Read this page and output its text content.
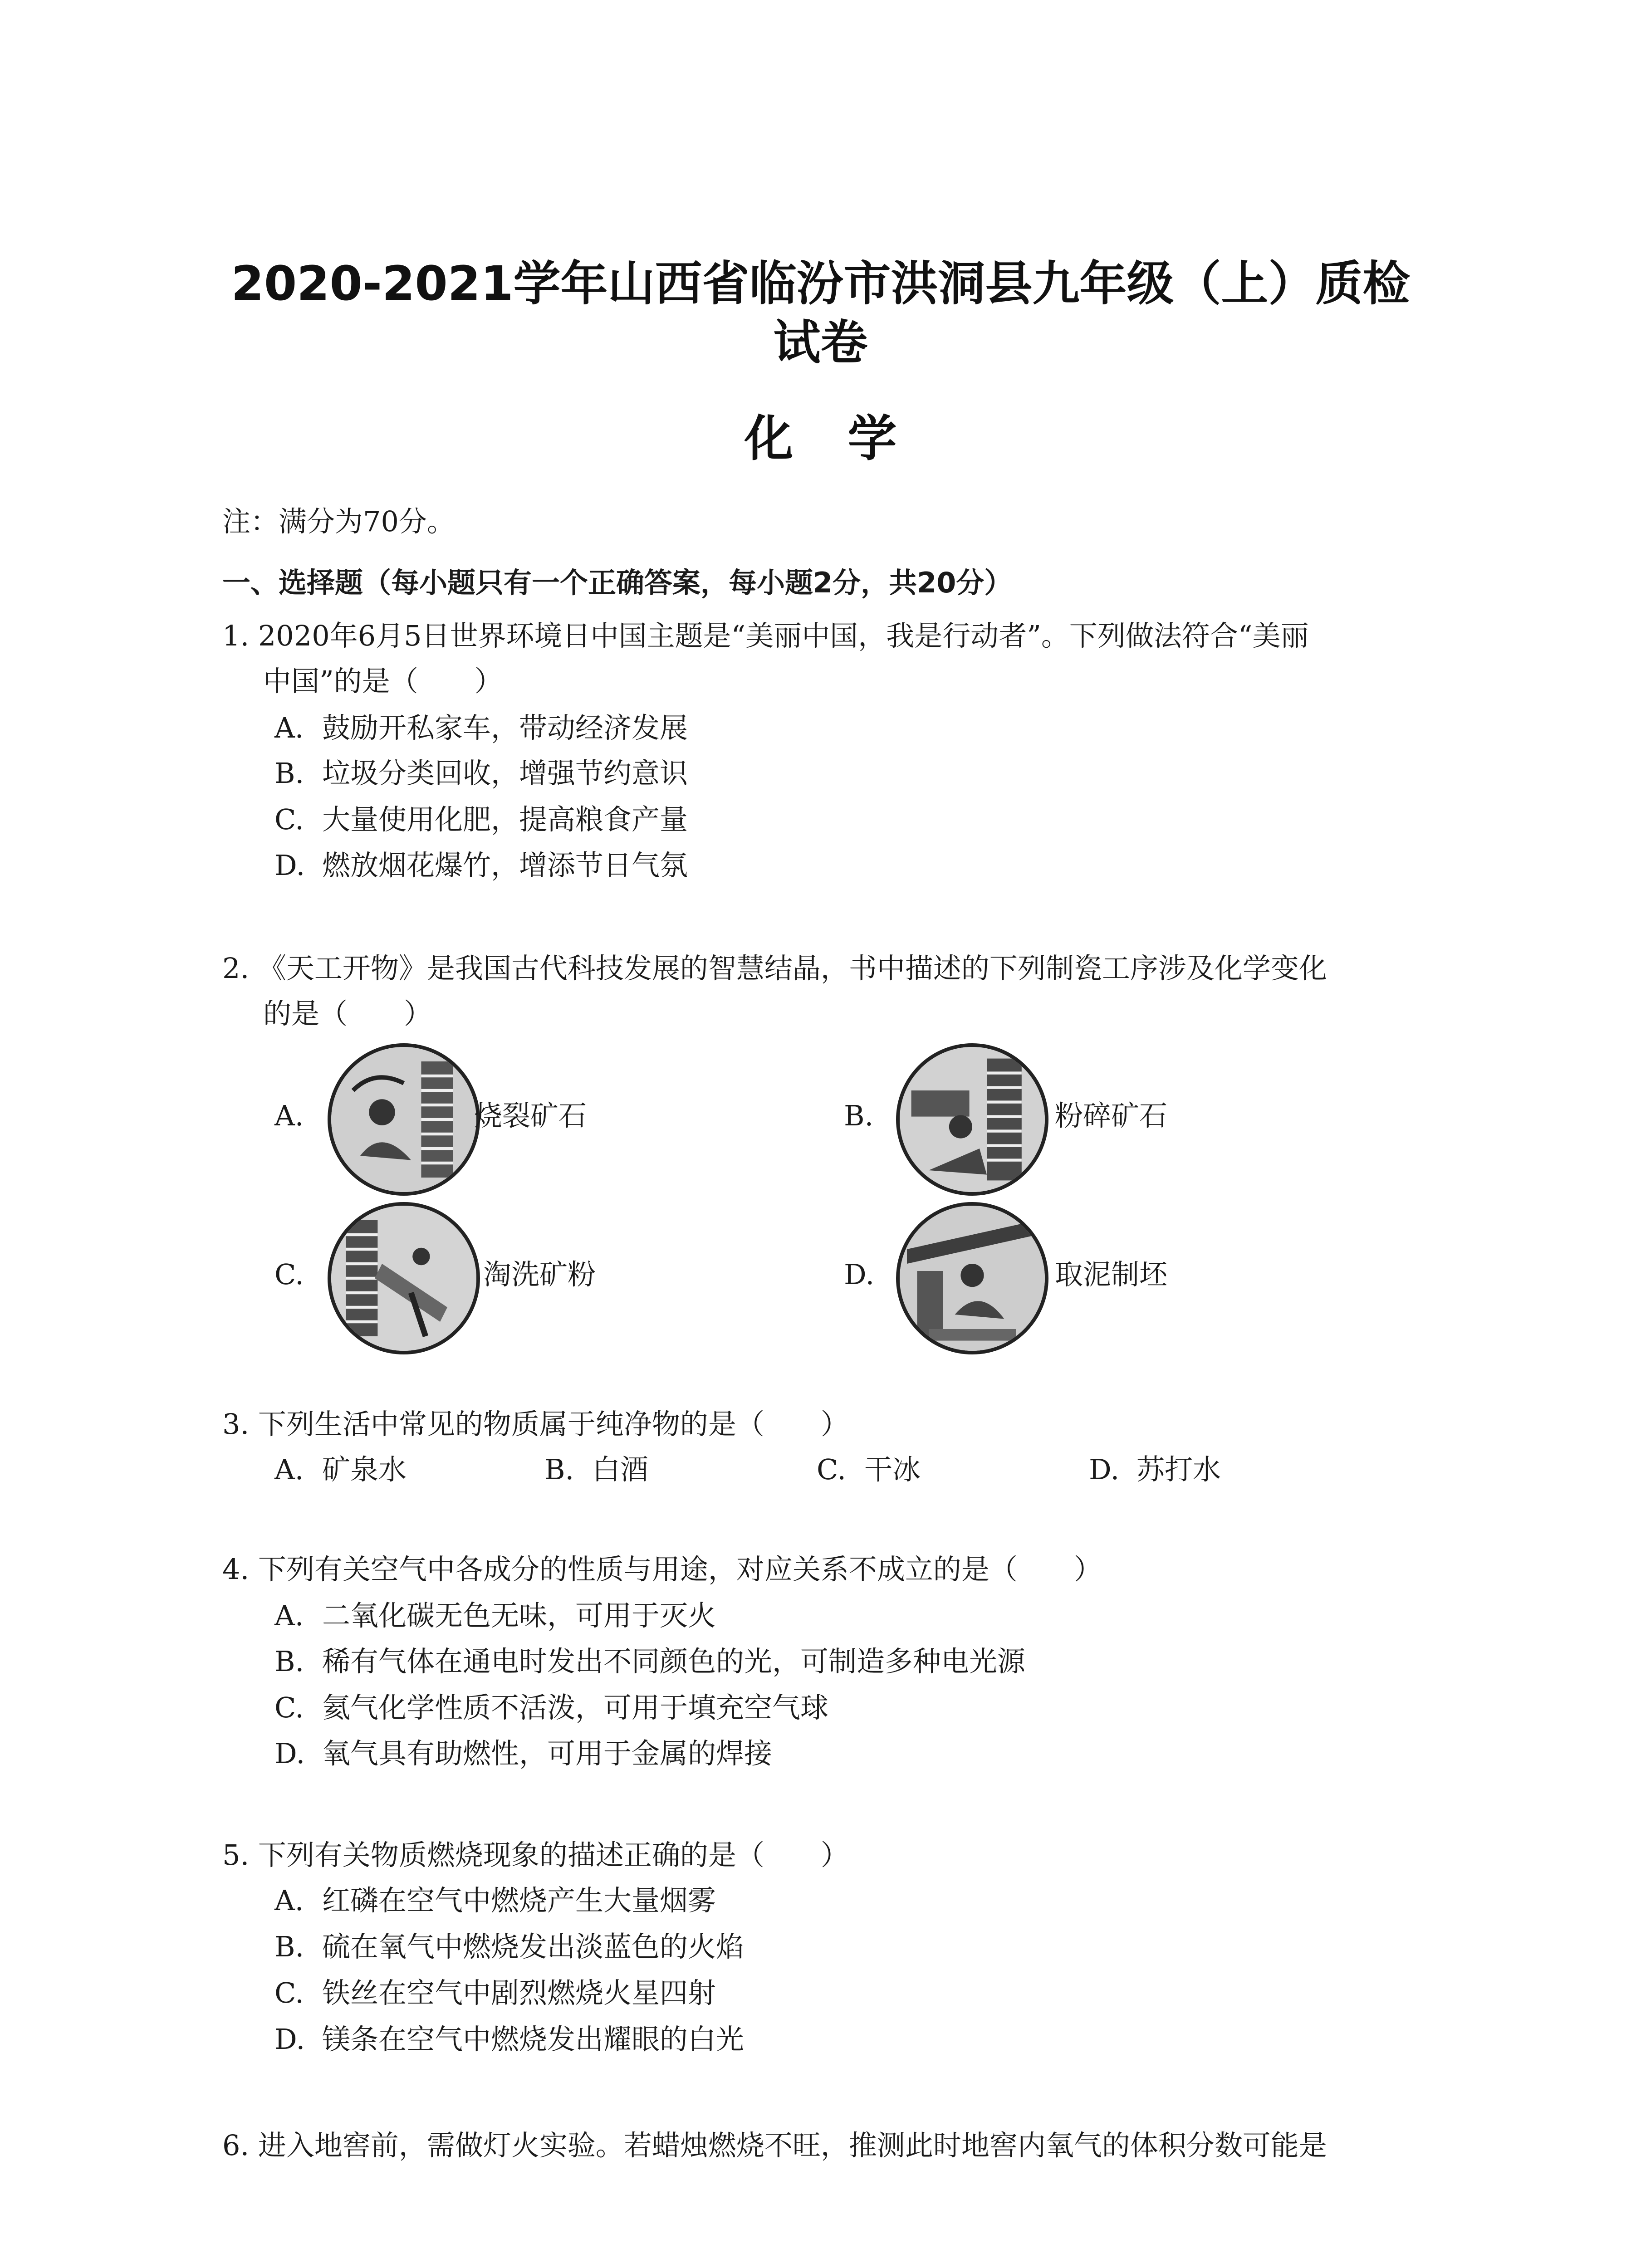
2020-2021学年山西省临汾市洪洞县九年级（上）质检
试卷
化学
注：满分为70分。
一、选择题（每小题只有一个正确答案，每小题2分，共20分）
1. 2020年6月5日世界环境日中国主题是“美丽中国，我是行动者”。下列做法符合“美丽
中国”的是（　　）
A. 鼓励开私家车，带动经济发展
B. 垃圾分类回收，增强节约意识
C. 大量使用化肥，提高粮食产量
D. 燃放烟花爆竹，增添节日气氛
2. 《天工开物》是我国古代科技发展的智慧结晶，书中描述的下列制瓷工序涉及化学变化
的是（　　）
A.	烧裂矿石	B.	粉碎矿石
C.	淘洗矿粉	D.	取泥制坯
3. 下列生活中常见的物质属于纯净物的是（　　）
A. 矿泉水	B. 白酒	C. 干冰	D. 苏打水
4. 下列有关空气中各成分的性质与用途，对应关系不成立的是（　　）
A. 二氧化碳无色无味，可用于灭火
B. 稀有气体在通电时发出不同颜色的光，可制造多种电光源
C. 氦气化学性质不活泼，可用于填充空气球
D. 氧气具有助燃性，可用于金属的焊接
5. 下列有关物质燃烧现象的描述正确的是（　　）
A. 红磷在空气中燃烧产生大量烟雾
B. 硫在氧气中燃烧发出淡蓝色的火焰
C. 铁丝在空气中剧烈燃烧火星四射
D. 镁条在空气中燃烧发出耀眼的白光
6. 进入地窖前，需做灯火实验。若蜡烛燃烧不旺，推测此时地窖内氧气的体积分数可能是
